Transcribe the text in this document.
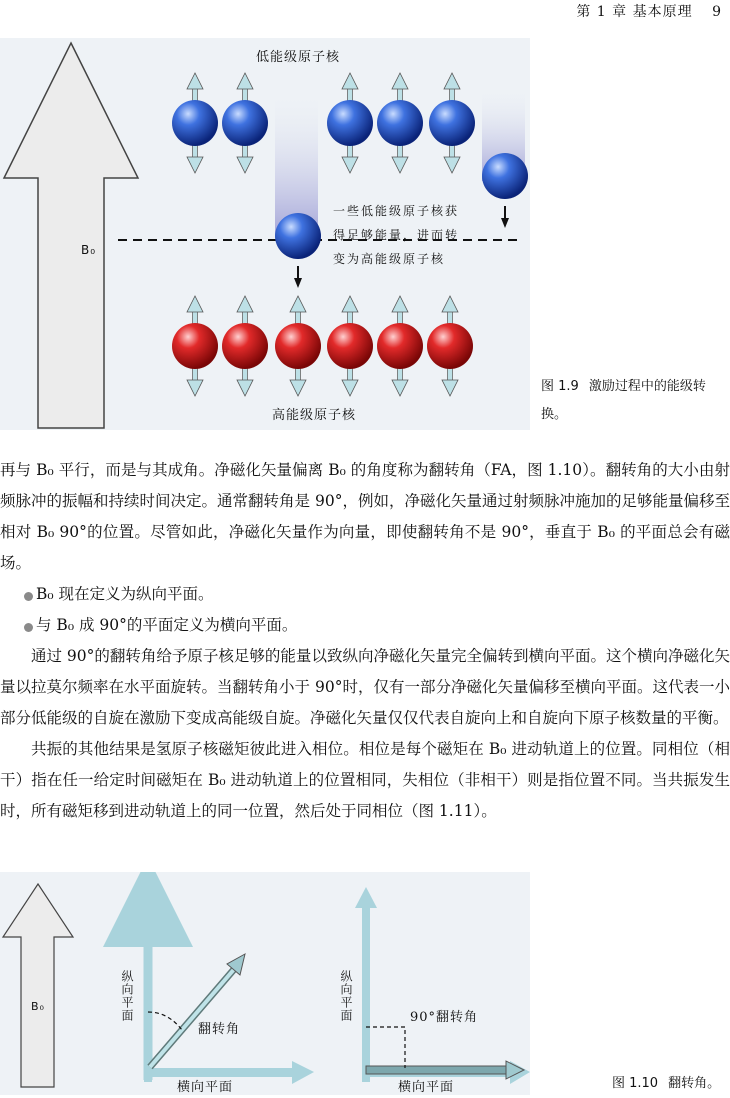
第 1 章 基本原理 9
B₀
低能级原子核
高能级原子核
一些低能级原子核获
得足够能量，进而转
变为高能级原子核
图 1.9 激励过程中的能级转换。

再与 B₀ 平行，而是与其成角。净磁化矢量偏离 B₀ 的角度称为翻转角（FA，图 1.10）。翻转角的大小由射频脉冲的振幅和持续时间决定。通常翻转角是 90°，例如，净磁化矢量通过射频脉冲施加的足够能量偏移至相对 B₀ 90°的位置。尽管如此，净磁化矢量作为向量，即使翻转角不是 90°，垂直于 B₀ 的平面总会有磁场。

B₀ 现在定义为纵向平面。

与 B₀ 成 90°的平面定义为横向平面。

通过 90°的翻转角给予原子核足够的能量以致纵向净磁化矢量完全偏转到横向平面。这个横向净磁化矢量以拉莫尔频率在水平面旋转。当翻转角小于 90°时，仅有一部分净磁化矢量偏移至横向平面。这代表一小部分低能级的自旋在激励下变成高能级自旋。净磁化矢量仅仅代表自旋向上和自旋向下原子核数量的平衡。

共振的其他结果是氢原子核磁矩彼此进入相位。相位是每个磁矩在 B₀ 进动轨道上的位置。同相位（相干）指在任一给定时间磁矩在 B₀ 进动轨道上的位置相同，失相位（非相干）则是指位置不同。当共振发生时，所有磁矩移到进动轨道上的同一位置，然后处于同相位（图 1.11）。

B₀	纵向平面
横向平面
翻转角
纵向平面
横向平面
90°翻转角
图 1.10 翻转角。
